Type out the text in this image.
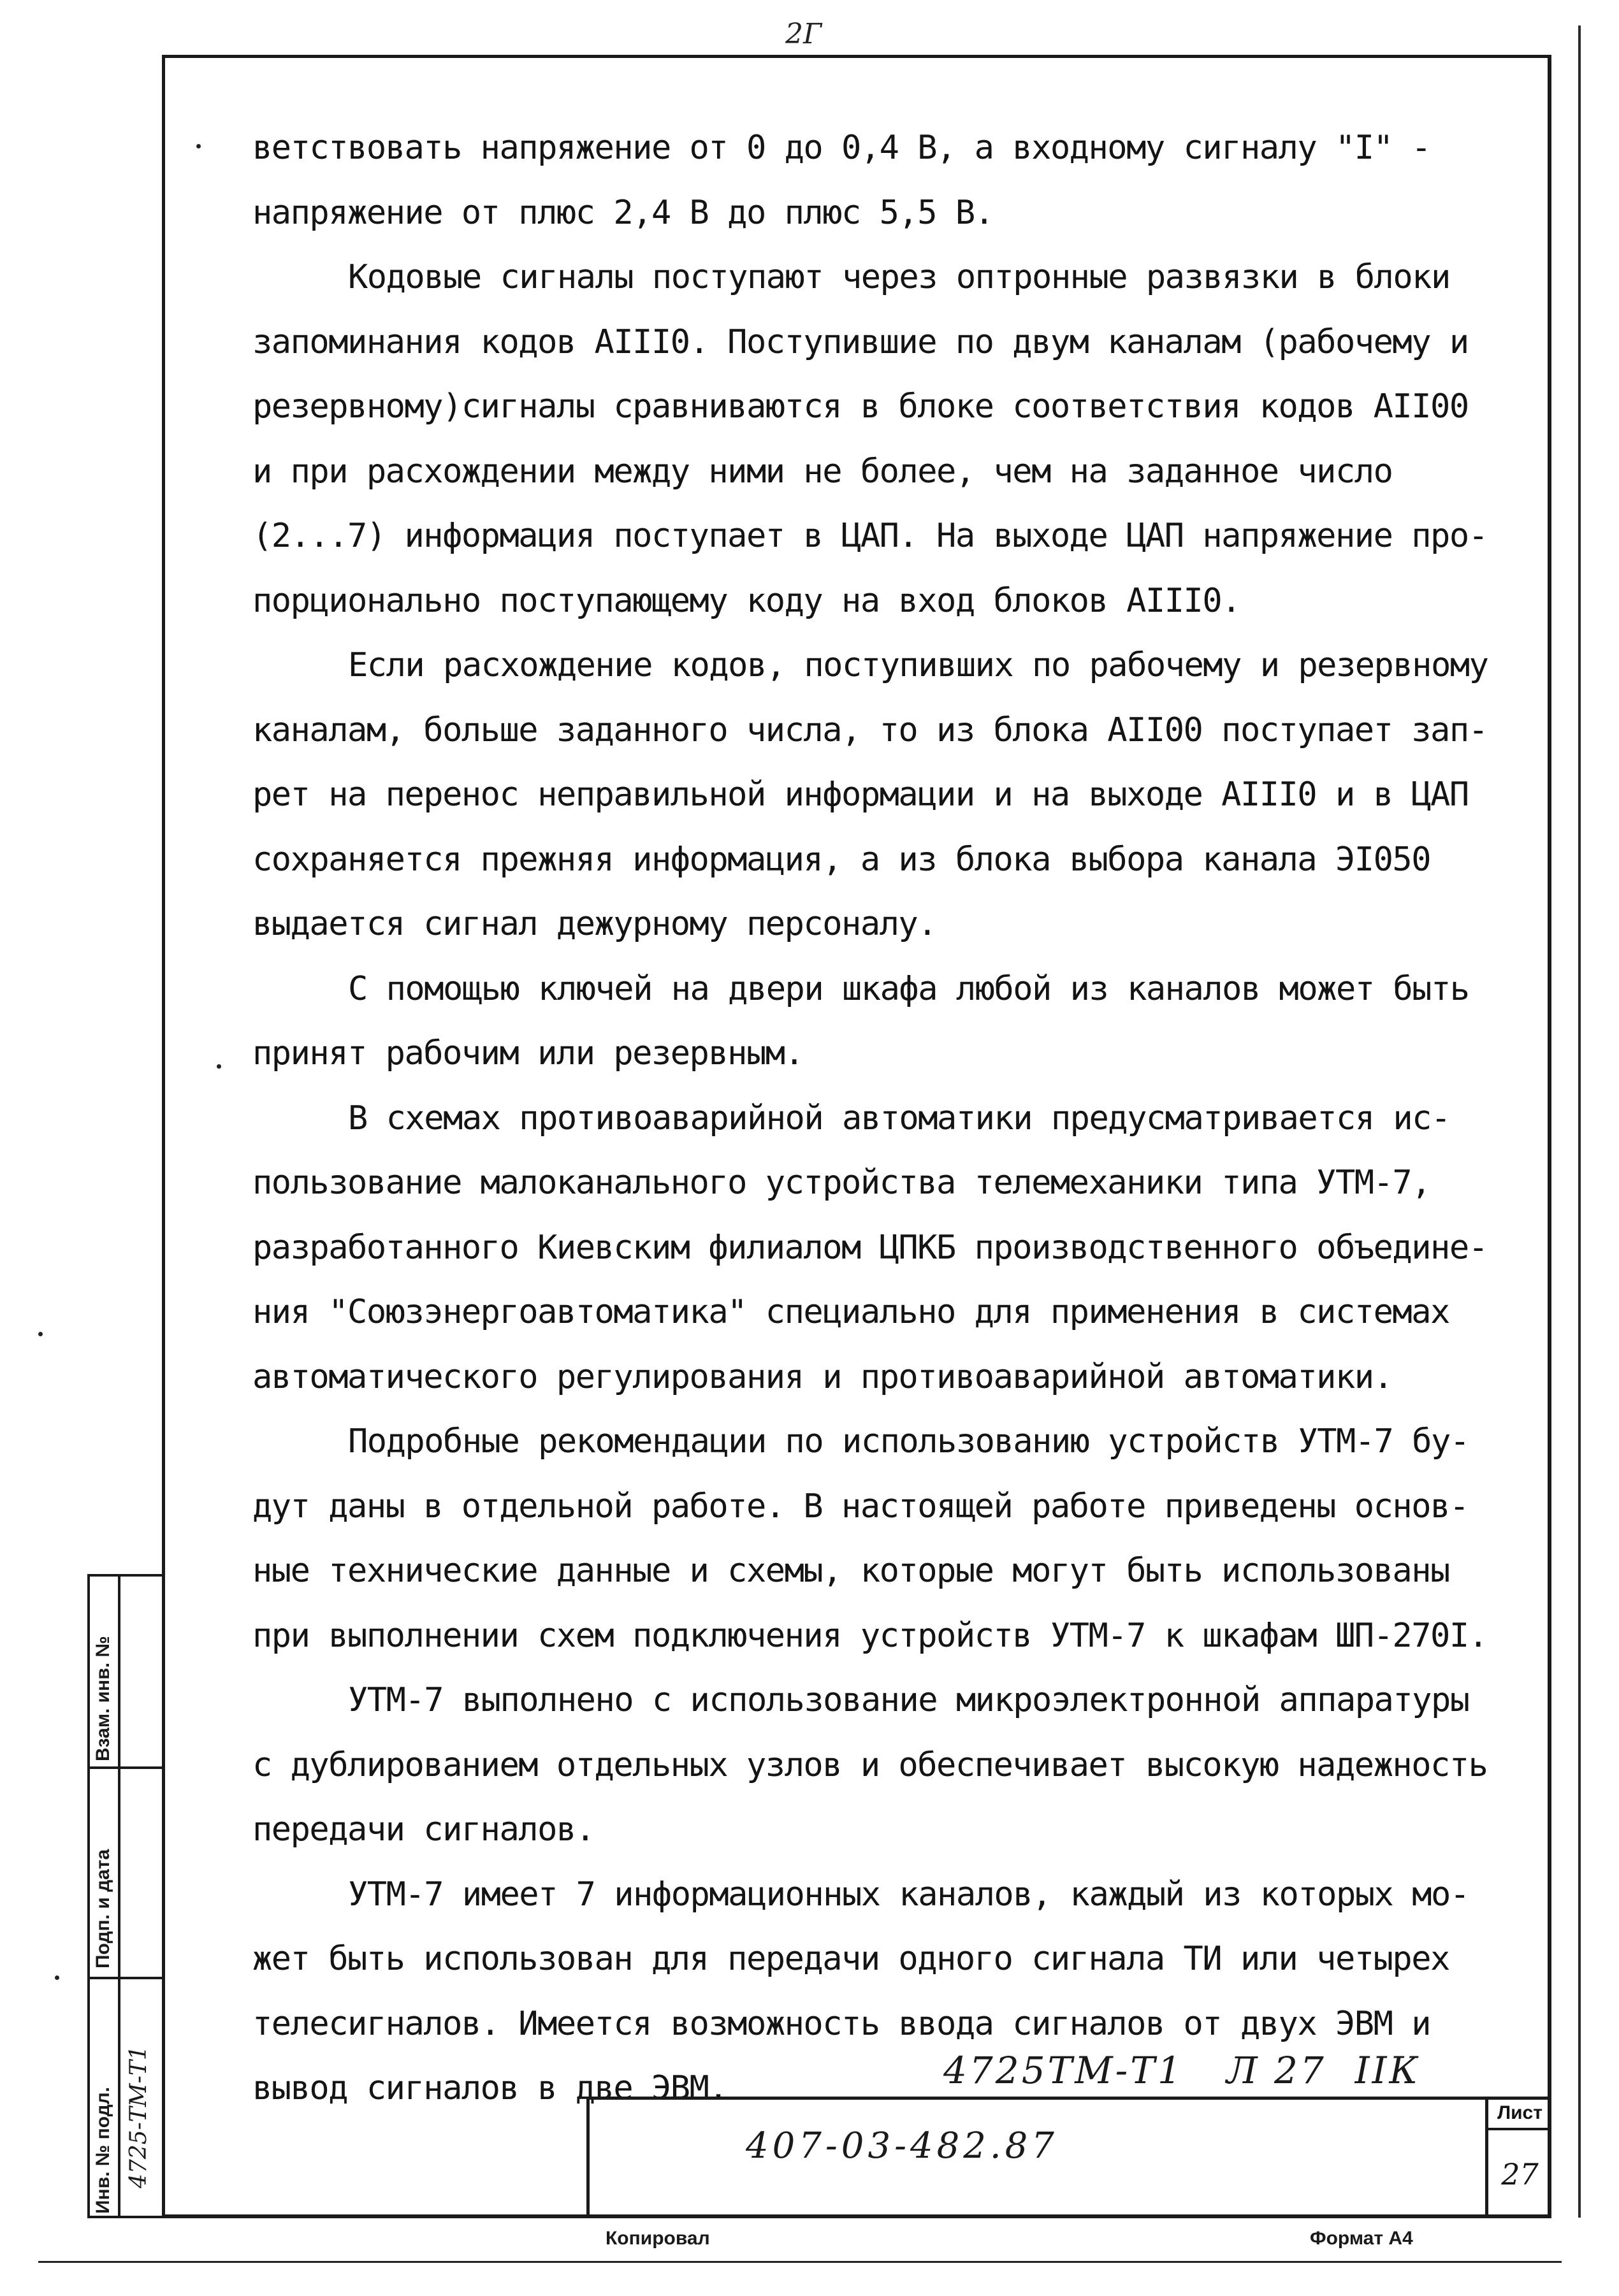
2Г
ветствовать напряжение от 0 до 0,4 В, а входному сигналу "I" -
напряжение от плюс 2,4 В до плюс 5,5 В.
Кодовые сигналы поступают через оптронные развязки в блоки
запоминания кодов АIII0. Поступившие по двум каналам (рабочему и
резервному)сигналы сравниваются в блоке соответствия кодов АII00
и при расхождении между ними не более, чем на заданное число
(2...7) информация поступает в ЦАП. На выходе ЦАП напряжение про-
порционально поступающему коду на вход блоков АIII0.
Если расхождение кодов, поступивших по рабочему и резервному
каналам, больше заданного числа, то из блока АII00 поступает зап-
рет на перенос неправильной информации и на выходе АIII0 и в ЦАП
сохраняется прежняя информация, а из блока выбора канала ЭI050
выдается сигнал дежурному персоналу.
С помощью ключей на двери шкафа любой из каналов может быть
принят рабочим или резервным.
В схемах противоаварийной автоматики предусматривается ис-
пользование малоканального устройства телемеханики типа УТМ-7,
разработанного Киевским филиалом ЦПКБ производственного объедине-
ния "Союзэнергоавтоматика" специально для применения в системах
автоматического регулирования и противоаварийной автоматики.
Подробные рекомендации по использованию устройств УТМ-7 бу-
дут даны в отдельной работе. В настоящей работе приведены основ-
ные технические данные и схемы, которые могут быть использованы
при выполнении схем подключения устройств УТМ-7 к шкафам ШП-270I.
УТМ-7 выполнено с использование микроэлектронной аппаратуры
с дублированием отдельных узлов и обеспечивает высокую надежность
передачи сигналов.
УТМ-7 имеет 7 информационных каналов, каждый из которых мо-
жет быть использован для передачи одного сигнала ТИ или четырех
телесигналов. Имеется возможность ввода сигналов от двух ЭВМ и
вывод сигналов в две ЭВМ.	4725ТМ-Т1   Л 27  IIК
Взам. инв. №
Подп. и дата
Инв. № подл. 4725-ТМ-Т1	407-03-482.87
Лист
27
Копировал	Формат А4
